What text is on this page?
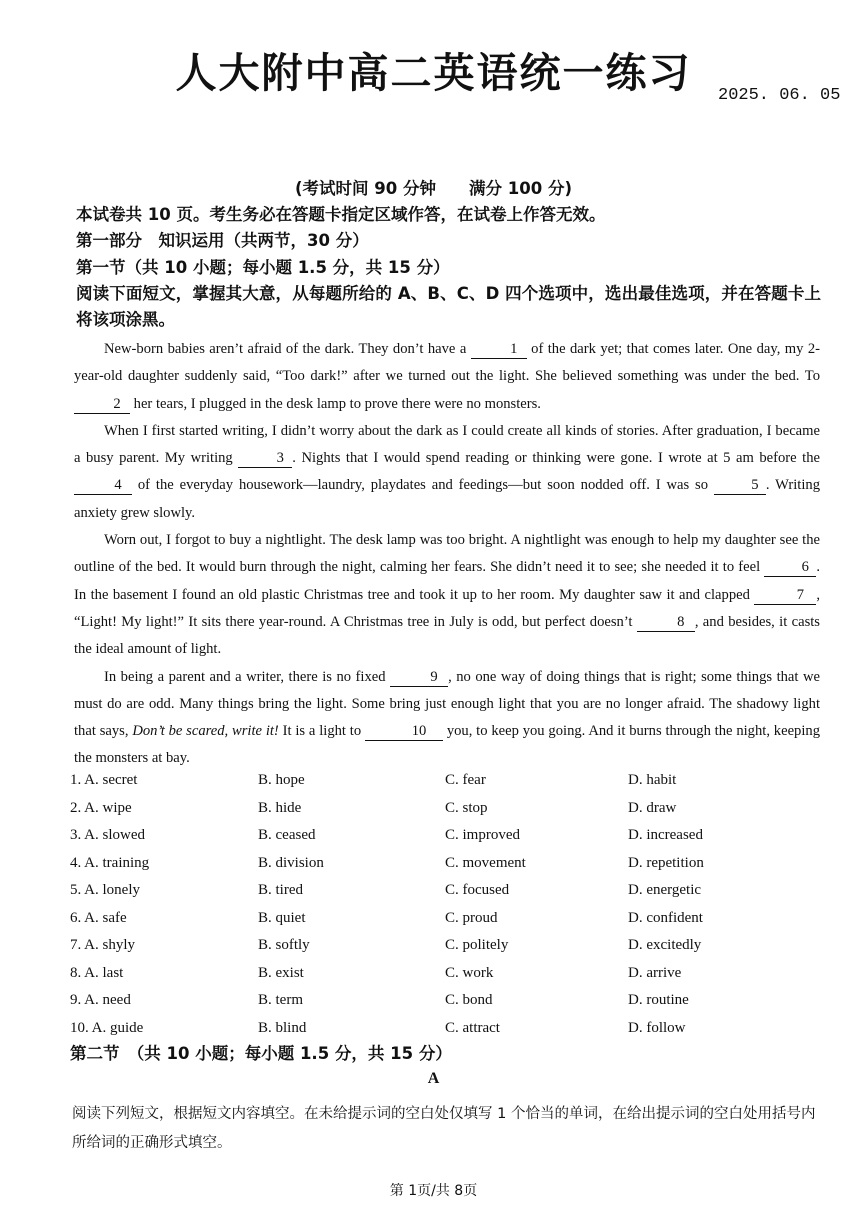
人大附中高二英语统一练习	2025. 06. 05
(考试时间 90 分钟　　满分 100 分)
本试卷共 10 页。考生务必在答题卡指定区域作答，在试卷上作答无效。
第一部分　知识运用（共两节，30 分）
第一节（共 10 小题；每小题 1.5 分，共 15 分）
阅读下面短文，掌握其大意，从每题所给的 A、B、C、D 四个选项中，选出最佳选项，并在答题卡上将该项涂黑。

New-born babies aren’t afraid of the dark. They don’t have a	1 of the dark yet; that comes later. One day, my 2-year-old daughter suddenly said, “Too dark!” after we turned out the light. She believed something was under the bed. To 2 her tears, I plugged in the desk lamp to prove there were no monsters.

When I first started writing, I didn’t worry about the dark as I could create all kinds of stories. After graduation, I became a busy parent. My writing	3 . Nights that I would spend reading or thinking were gone. I wrote at 5 am before the 4 of the everyday housework—laundry, playdates and feedings—but soon nodded off. I was so	5 . Writing anxiety grew slowly.

Worn out, I forgot to buy a nightlight. The desk lamp was too bright. A nightlight was enough to help my daughter see the outline of the bed. It would burn through the night, calming her fears. She didn’t need it to see; she needed it to feel	6 . In the basement I found an old plastic Christmas tree and took it up to her room. My daughter saw it and clapped	7 , “Light! My light!” It sits there year-round. A Christmas tree in July is odd, but perfect doesn’t	8 , and besides, it casts the ideal amount of light.

In being a parent and a writer, there is no fixed	9 , no one way of doing things that is right; some things that we must do are odd. Many things bring the light. Some bring just enough light that you are no longer afraid. The shadowy light that says, Don’t be scared, write it! It is a light to	10 you, to keep you going. And it burns through the night, keeping the monsters at bay.

1. A. secret	B. hope	C. fear	D. habit
2. A. wipe	B. hide	C. stop	D. draw
3. A. slowed	B. ceased	C. improved	D. increased
4. A. training	B. division	C. movement	D. repetition
5. A. lonely	B. tired	C. focused	D. energetic
6. A. safe	B. quiet	C. proud	D. confident
7. A. shyly	B. softly	C. politely	D. excitedly
8. A. last	B. exist	C. work	D. arrive
9. A. need	B. term	C. bond	D. routine
10. A. guide	B. blind	C. attract	D. follow
第二节　（共 10 小题；每小题 1.5 分，共 15 分）
A
阅读下列短文，根据短文内容填空。在未给提示词的空白处仅填写 1 个恰当的单词，在给出提示词的空白处用括号内所给词的正确形式填空。
第 1页/共 8页
